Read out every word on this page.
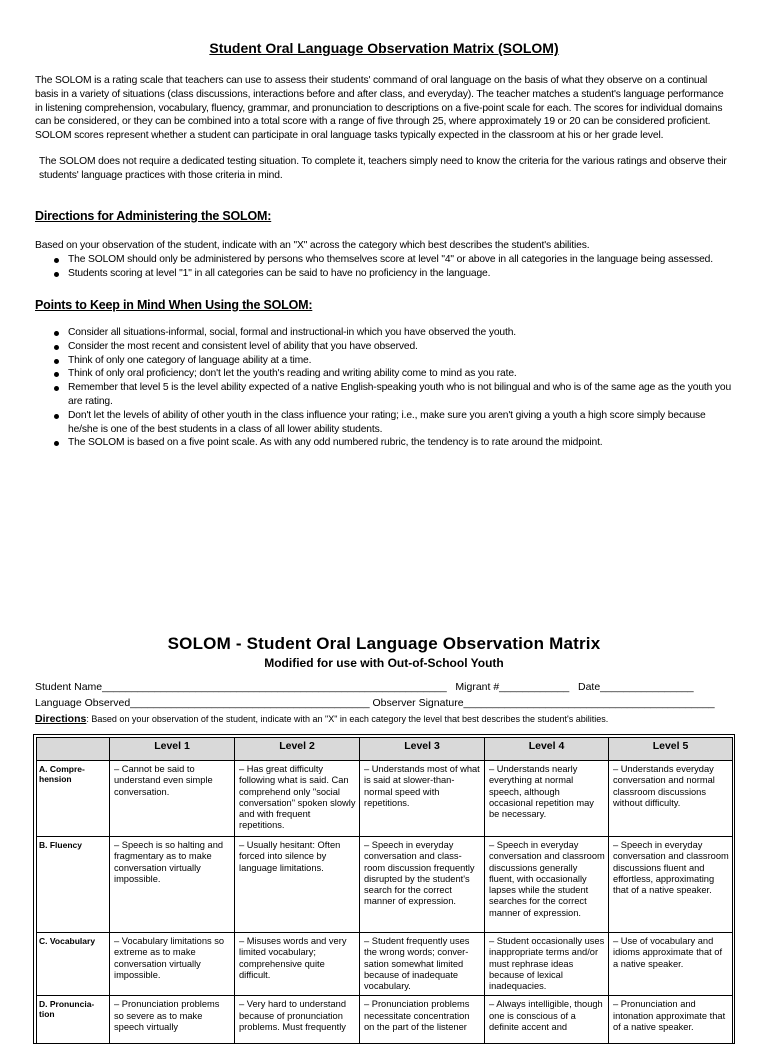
Student Oral Language Observation Matrix (SOLOM)
The SOLOM is a rating scale that teachers can use to assess their students' command of oral language on the basis of what they observe on a continual basis in a variety of situations (class discussions, interactions before and after class, and everyday). The teacher matches a student's language performance in listening comprehension, vocabulary, fluency, grammar, and pronunciation to descriptions on a five-point scale for each. The scores for individual domains can be considered, or they can be combined into a total score with a range of five through 25, where approximately 19 or 20 can be considered proficient. SOLOM scores represent whether a student can participate in oral language tasks typically expected in the classroom at his or her grade level.
The SOLOM does not require a dedicated testing situation. To complete it, teachers simply need to know the criteria for the various ratings and observe their students' language practices with those criteria in mind.
Directions for Administering the SOLOM:
Based on your observation of the student, indicate with an "X" across the category which best describes the student's abilities.
The SOLOM should only be administered by persons who themselves score at level "4" or above in all categories in the language being assessed.
Students scoring at level "1" in all categories can be said to have no proficiency in the language.
Points to Keep in Mind When Using the SOLOM:
Consider all situations-informal, social, formal and instructional-in which you have observed the youth.
Consider the most recent and consistent level of ability that you have observed.
Think of only one category of language ability at a time.
Think of only oral proficiency; don't let the youth's reading and writing ability come to mind as you rate.
Remember that level 5 is the level ability expected of a native English-speaking youth who is not bilingual and who is of the same age as the youth you are rating.
Don't let the levels of ability of other youth in the class influence your rating; i.e., make sure you aren't giving a youth a high score simply because he/she is one of the best students in a class of all lower ability students.
The SOLOM is based on a five point scale. As with any odd numbered rubric, the tendency is to rate around the midpoint.
SOLOM - Student Oral Language Observation Matrix
Modified for use with Out-of-School Youth
Student Name___________________________________________________________   Migrant #____________   Date________________
Language Observed_________________________________________ Observer Signature___________________________________________
Directions: Based on your observation of the student, indicate with an "X" in each category the level that best describes the student's abilities.
	Level 1	Level 2	Level 3	Level 4	Level 5
A. Compre-hension	– Cannot be said to understand even simple conversation.	– Has great difficulty following what is said. Can comprehend only "social conversation" spoken slowly and with frequent repetitions.	– Understands most of what is said at slower-than-normal speed with repetitions.	– Understands nearly everything at normal speech, although occasional repetition may be necessary.	– Understands everyday conversation and normal classroom discussions without difficulty.
B. Fluency	– Speech is so halting and fragmentary as to make conversation virtually impossible.	– Usually hesitant: Often forced into silence by language limitations.	– Speech in everyday conversation and class-room discussion frequently disrupted by the student's search for the correct manner of expression.	– Speech in everyday conversation and classroom discussions generally fluent, with occasionally lapses while the student searches for the correct manner of expression.	– Speech in everyday conversation and classroom discussions fluent and effortless, approximating that of a native speaker.
C. Vocabulary	– Vocabulary limitations so extreme as to make conversation virtually impossible.	– Misuses words and very limited vocabulary; comprehensive quite difficult.	– Student frequently uses the wrong words; conver-sation somewhat limited because of inadequate vocabulary.	– Student occasionally uses inappropriate terms and/or must rephrase ideas because of lexical inadequacies.	– Use of vocabulary and idioms approximate that of a native speaker.
D. Pronuncia-tion	– Pronunciation problems so severe as to make speech virtually	– Very hard to understand because of pronunciation problems. Must frequently	– Pronunciation problems necessitate concentration on the part of the listener	– Always intelligible, though one is conscious of a definite accent and	– Pronunciation and intonation approximate that of a native speaker.
